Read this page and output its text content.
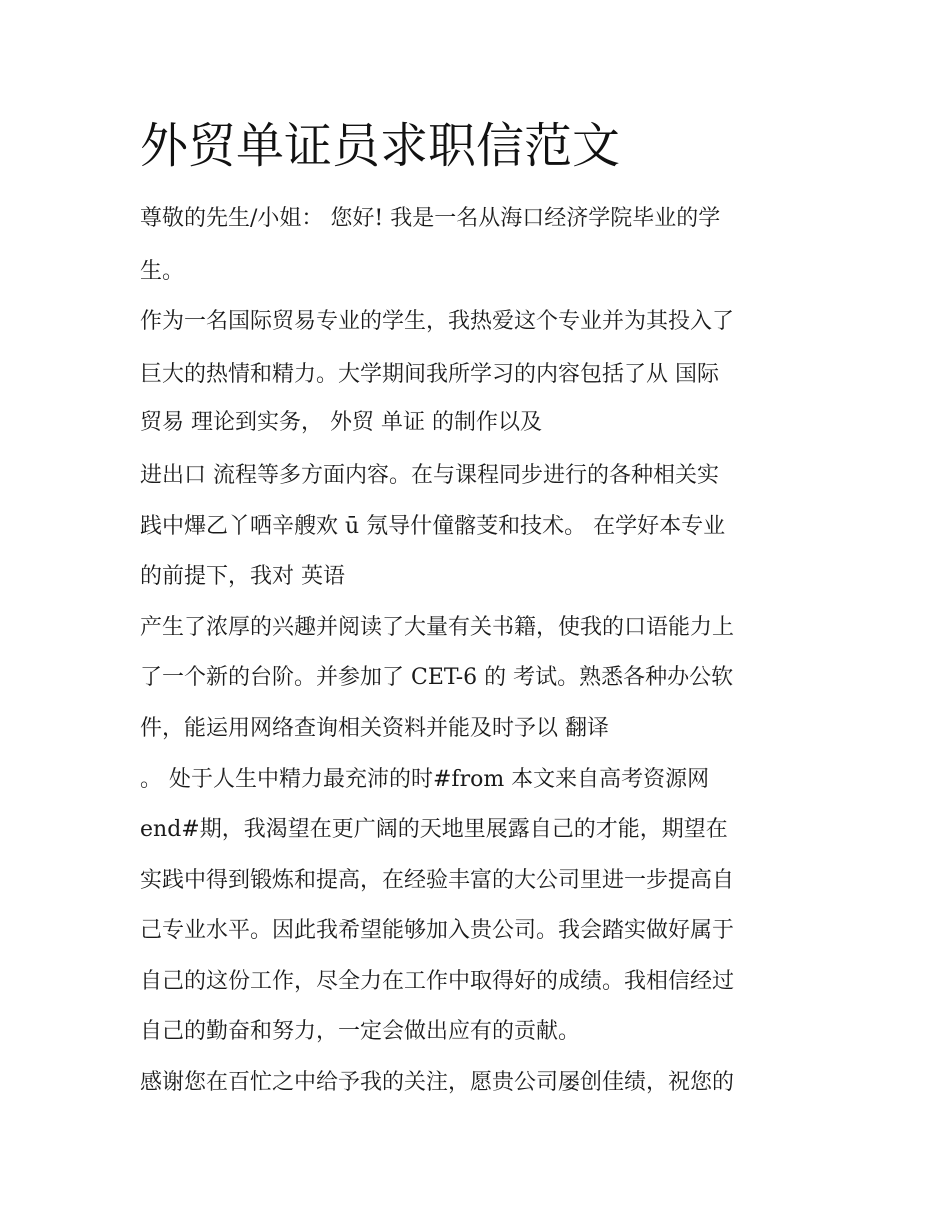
外贸单证员求职信范文

尊敬的先生/小姐： 您好! 我是一名从海口经济学院毕业的学

生。

作为一名国际贸易专业的学生，我热爱这个专业并为其投入了

巨大的热情和精力。大学期间我所学习的内容包括了从 国际

贸易 理论到实务， 外贸 单证 的制作以及

进出口 流程等多方面内容。在与课程同步进行的各种相关实

践中熚乙丫哂辛艘欢 ū 氖导什僮髂芰和技术。 在学好本专业

的前提下，我对 英语

产生了浓厚的兴趣并阅读了大量有关书籍，使我的口语能力上

了一个新的台阶。并参加了 CET-6 的 考试。熟悉各种办公软

件，能运用网络查询相关资料并能及时予以 翻译

。 处于人生中精力最充沛的时#from 本文来自高考资源网

end#期，我渴望在更广阔的天地里展露自己的才能，期望在

实践中得到锻炼和提高，在经验丰富的大公司里进一步提高自

己专业水平。因此我希望能够加入贵公司。我会踏实做好属于

自己的这份工作，尽全力在工作中取得好的成绩。我相信经过

自己的勤奋和努力，一定会做出应有的贡献。

感谢您在百忙之中给予我的关注，愿贵公司屡创佳绩，祝您的
